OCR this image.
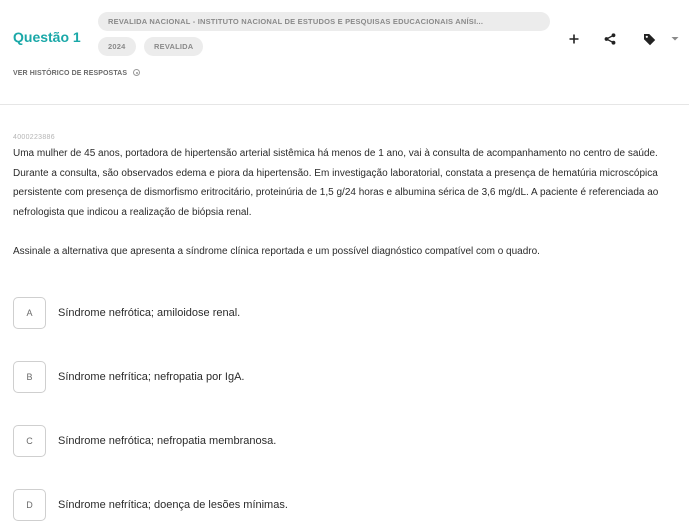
Questão 1
REVALIDA NACIONAL - INSTITUTO NACIONAL DE ESTUDOS E PESQUISAS EDUCACIONAIS ANÍSI...
2024	REVALIDA
VER HISTÓRICO DE RESPOSTAS
4000223886

Uma mulher de 45 anos, portadora de hipertensão arterial sistêmica há menos de 1 ano, vai à consulta de acompanhamento no centro de saúde. Durante a consulta, são observados edema e piora da hipertensão. Em investigação laboratorial, constata a presença de hematúria microscópica persistente com presença de dismorfismo eritrocitário, proteinúria de 1,5 g/24 horas e albumina sérica de 3,6 mg/dL. A paciente é referenciada ao nefrologista que indicou a realização de biópsia renal.

Assinale a alternativa que apresenta a síndrome clínica reportada e um possível diagnóstico compatível com o quadro.

A	Síndrome nefrótica; amiloidose renal.
B	Síndrome nefrítica; nefropatia por IgA.
C	Síndrome nefrótica; nefropatia membranosa.
D	Síndrome nefrítica; doença de lesões mínimas.
